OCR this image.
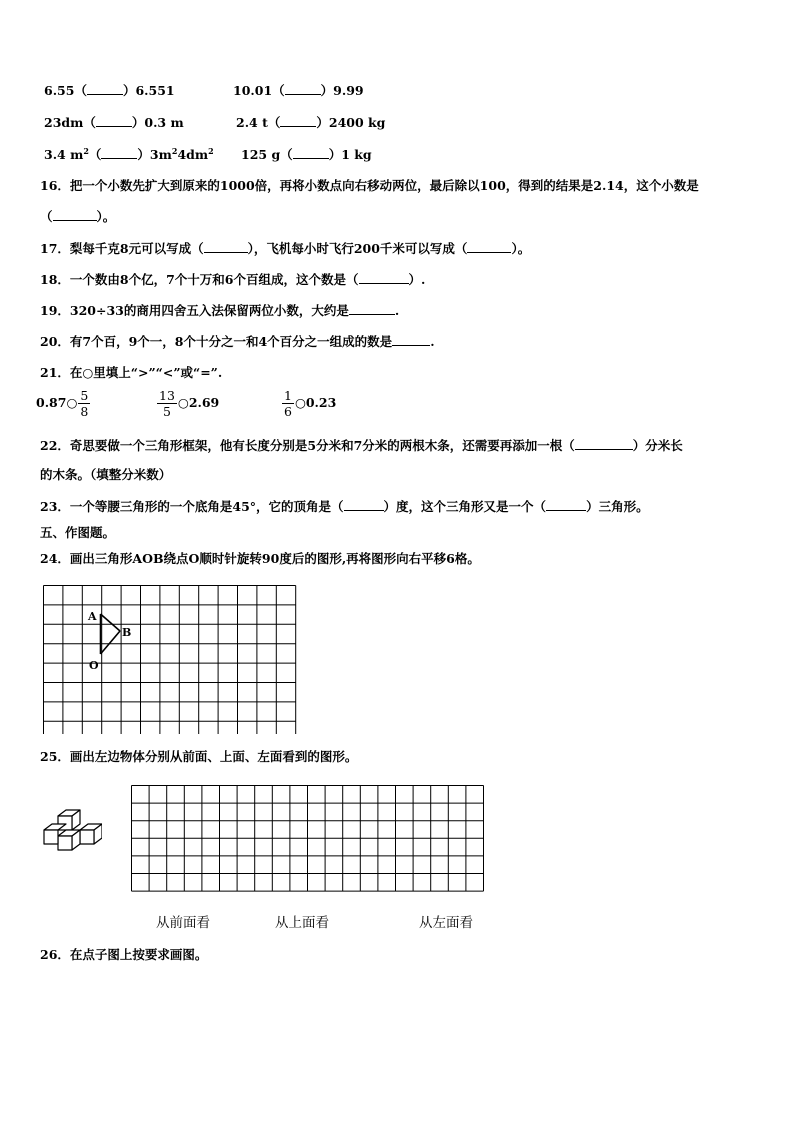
6.55（	）6.551	10.01（	）9.99
23dm（	）0.3 m	2.4 t（	）2400 kg
3.4 $m^2$（	）$3m^24dm^2$ 125 g（	）1 kg
16．把一个小数先扩大到原来的1000倍，再将小数点向右移动两位，最后除以100，得到的结果是2.14，这个小数是
（	）。
17．梨每千克8元可以写成（	），飞机每小时飞行200千米可以写成（	）。
18．一个数由8个亿，7个十万和6个百组成，这个数是（	）.
19．320÷33的商用四舍五入法保留两位小数，大约是	.
20．有7个百，9个一，8个十分之一和4个百分之一组成的数是	.
21．在○里填上“>”“<”或“=”.
0.87○ $\frac{5}{8}$	$\frac{13}{5}$ ○2.69	$\frac{1}{6}$ ○0.23
22．奇思要做一个三角形框架，他有长度分别是5分米和7分米的两根木条，还需要再添加一根（	）分米长
的木条。（填整分米数）
23．一个等腰三角形的一个底角是45°，它的顶角是（	）度，这个三角形又是一个（	）三角形。
五、作图题。
24．画出三角形AOB绕点O顺时针旋转90度后的图形,再将图形向右平移6格。
A
B
O
25．画出左边物体分别从前面、上面、左面看到的图形。
从前面看	从上面看	从左面看
26．在点子图上按要求画图。
